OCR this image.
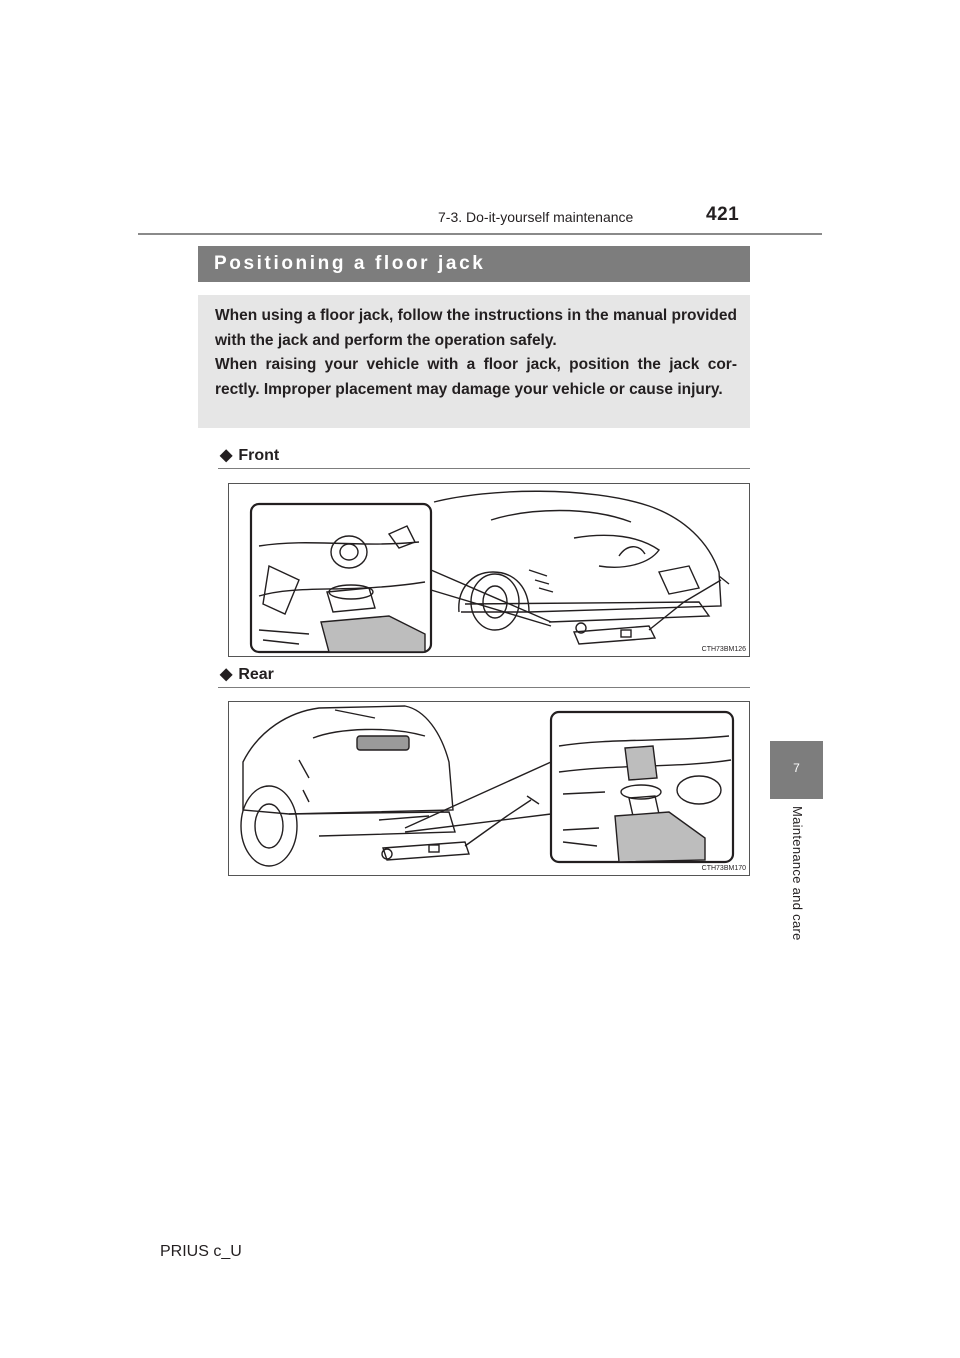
421
7-3. Do-it-yourself maintenance
Positioning a floor jack

When using a floor jack, follow the instructions in the manual provided with the jack and perform the operation safely.

When raising your vehicle with a floor jack, position the jack cor-rectly. Improper placement may damage your vehicle or cause injury.

◆ Front
CTH73BM126
◆ Rear
CTH73BM170
7
Maintenance and care
PRIUS c_U
